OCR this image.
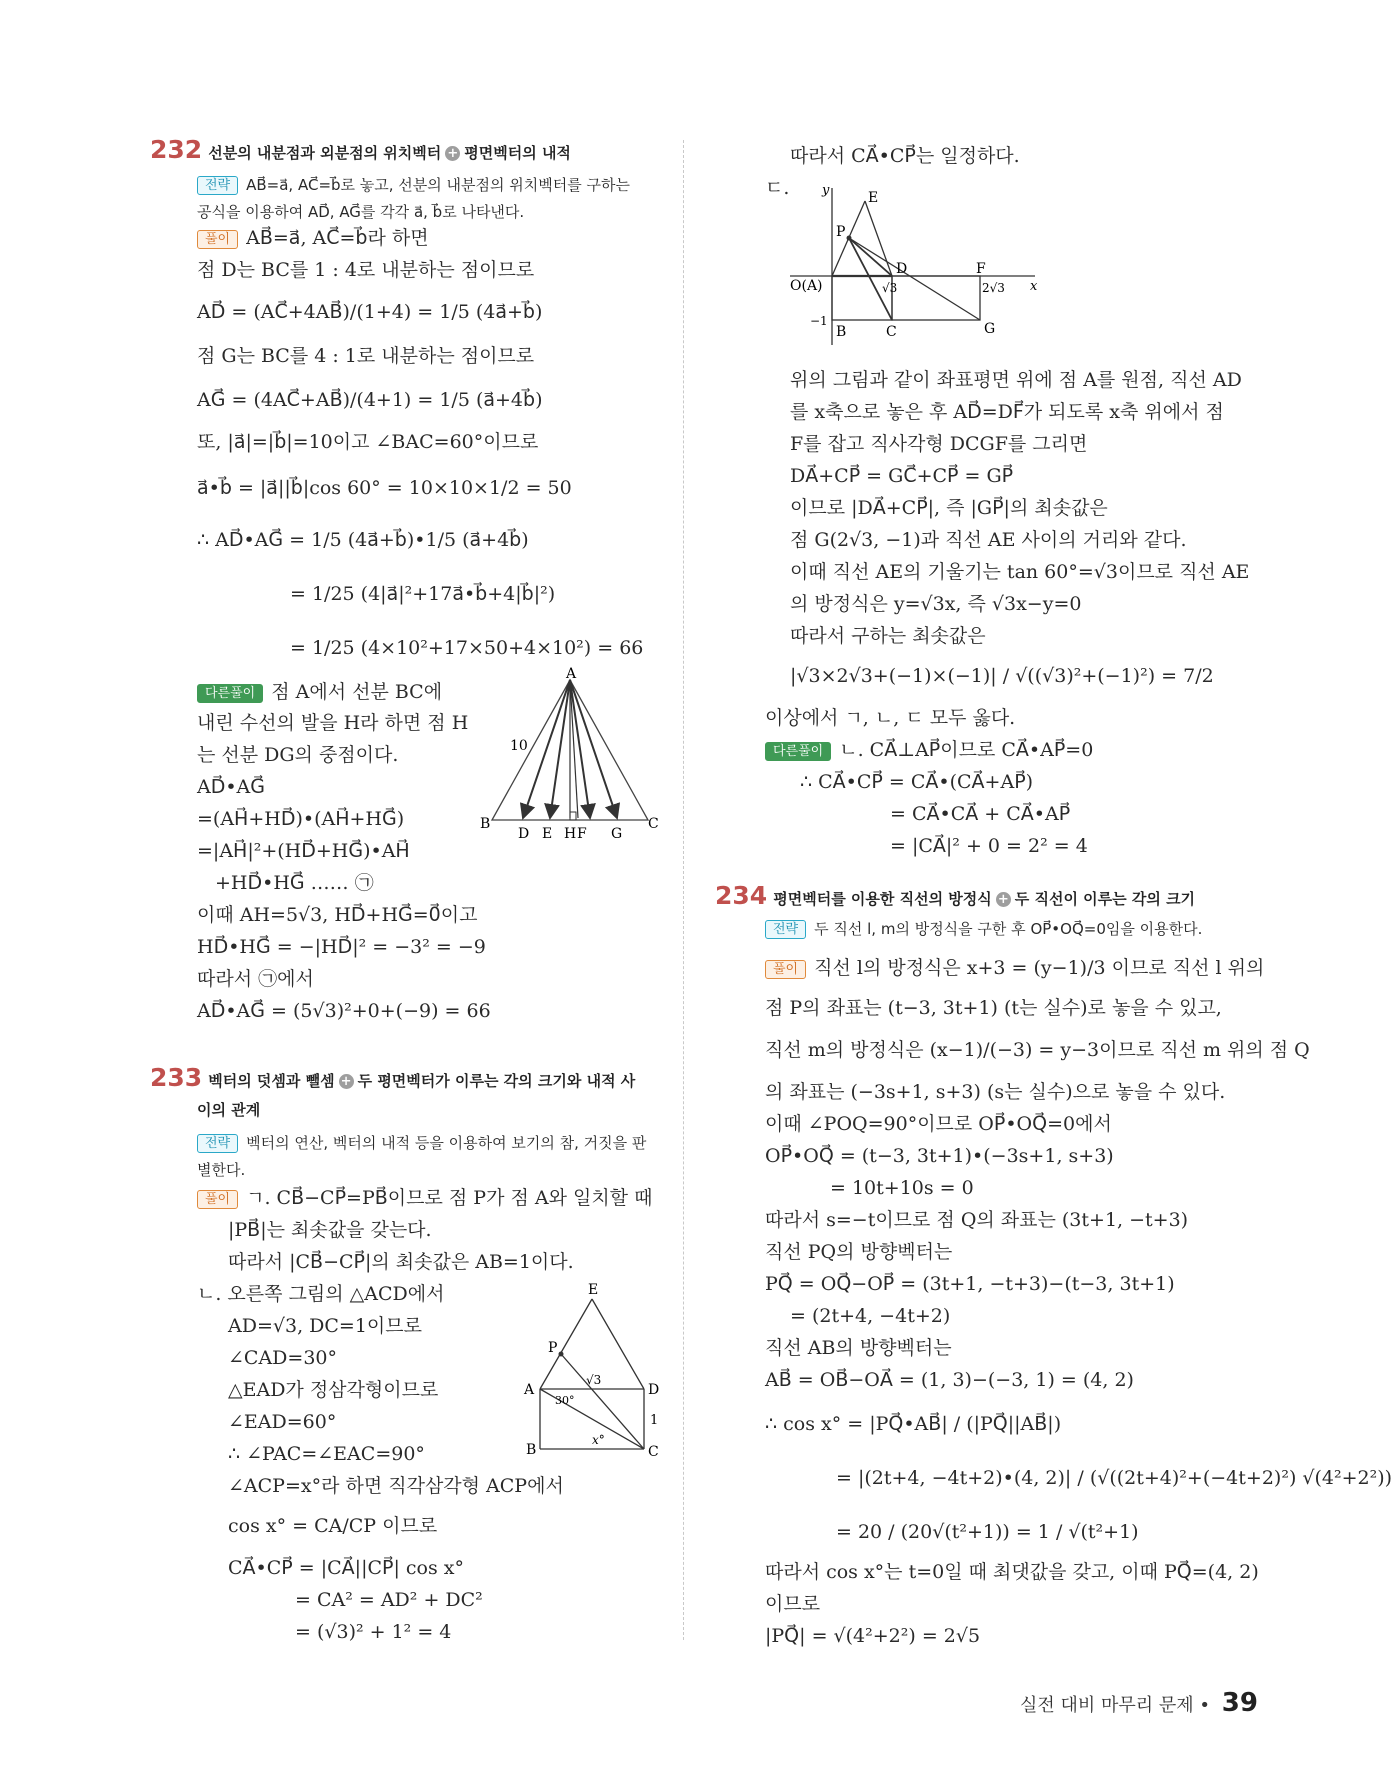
232 선분의 내분점과 외분점의 위치벡터 + 평면벡터의 내적
전략 AB⃗=a⃗, AC⃗=b⃗로 놓고, 선분의 내분점의 위치벡터를 구하는
공식을 이용하여 AD⃗, AG⃗를 각각 a⃗, b⃗로 나타낸다.
풀이 AB⃗=a⃗, AC⃗=b⃗라 하면
점 D는 BC를 1 : 4로 내분하는 점이므로
AD⃗ = (AC⃗+4AB⃗)/(1+4) = 1/5 (4a⃗+b⃗)
점 G는 BC를 4 : 1로 내분하는 점이므로
AG⃗ = (4AC⃗+AB⃗)/(4+1) = 1/5 (a⃗+4b⃗)
또, |a⃗|=|b⃗|=10이고 ∠BAC=60°이므로
a⃗•b⃗ = |a⃗||b⃗|cos 60° = 10×10×1/2 = 50
∴ AD⃗•AG⃗ = 1/5 (4a⃗+b⃗)•1/5 (a⃗+4b⃗)
= 1/25 (4|a⃗|²+17a⃗•b⃗+4|b⃗|²)
= 1/25 (4×10²+17×50+4×10²) = 66
다른풀이 점 A에서 선분 BC에
내린 수선의 발을 H라 하면 점 H
는 선분 DG의 중점이다.
AD⃗•AG⃗
=(AH⃗+HD⃗)•(AH⃗+HG⃗)
=|AH⃗|²+(HD⃗+HG⃗)•AH⃗
+HD⃗•HG⃗ …… ㉠
이때 AH=5√3, HD⃗+HG⃗=0⃗이고
HD⃗•HG⃗ = −|HD⃗|² = −3² = −9
따라서 ㉠에서
AD⃗•AG⃗ = (5√3)²+0+(−9) = 66
A
B	C
D E H F G
10
233 벡터의 덧셈과 뺄셈 + 두 평면벡터가 이루는 각의 크기와 내적 사
이의 관계
전략 벡터의 연산, 벡터의 내적 등을 이용하여 보기의 참, 거짓을 판
별한다.
풀이 ㄱ. CB⃗−CP⃗=PB⃗이므로 점 P가 점 A와 일치할 때
|PB⃗|는 최솟값을 갖는다.
따라서 |CB⃗−CP⃗|의 최솟값은 AB=1이다.
ㄴ. 오른쪽 그림의 △ACD에서
AD=√3, DC=1이므로
∠CAD=30°
△EAD가 정삼각형이므로
∠EAD=60°
∴ ∠PAC=∠EAC=90°
∠ACP=x°라 하면 직각삼각형 ACP에서
cos x° = CA/CP 이므로
CA⃗•CP⃗ = |CA⃗||CP⃗| cos x°
= CA² = AD² + DC²
= (√3)² + 1² = 4
E
P
A	D
B	C
√3
30°
1
x°
따라서 CA⃗•CP⃗는 일정하다.
ㄷ.	y
x
E
P
O(A)
D	F
√3	2√3
−1
B	C	G
위의 그림과 같이 좌표평면 위에 점 A를 원점, 직선 AD
를 x축으로 놓은 후 AD⃗=DF⃗가 되도록 x축 위에서 점
F를 잡고 직사각형 DCGF를 그리면
DA⃗+CP⃗ = GC⃗+CP⃗ = GP⃗
이므로 |DA⃗+CP⃗|, 즉 |GP⃗|의 최솟값은
점 G(2√3, −1)과 직선 AE 사이의 거리와 같다.
이때 직선 AE의 기울기는 tan 60°=√3이므로 직선 AE
의 방정식은 y=√3x, 즉 √3x−y=0
따라서 구하는 최솟값은
|√3×2√3+(−1)×(−1)| / √((√3)²+(−1)²) = 7/2
이상에서 ㄱ, ㄴ, ㄷ 모두 옳다.
다른풀이 ㄴ. CA⃗⊥AP⃗이므로 CA⃗•AP⃗=0
∴ CA⃗•CP⃗ = CA⃗•(CA⃗+AP⃗)
= CA⃗•CA⃗ + CA⃗•AP⃗
= |CA⃗|² + 0 = 2² = 4
234 평면벡터를 이용한 직선의 방정식 + 두 직선이 이루는 각의 크기
전략 두 직선 l, m의 방정식을 구한 후 OP⃗•OQ⃗=0임을 이용한다.
풀이 직선 l의 방정식은 x+3 = (y−1)/3 이므로 직선 l 위의
점 P의 좌표는 (t−3, 3t+1) (t는 실수)로 놓을 수 있고,
직선 m의 방정식은 (x−1)/(−3) = y−3이므로 직선 m 위의 점 Q
의 좌표는 (−3s+1, s+3) (s는 실수)으로 놓을 수 있다.
이때 ∠POQ=90°이므로 OP⃗•OQ⃗=0에서
OP⃗•OQ⃗ = (t−3, 3t+1)•(−3s+1, s+3)
= 10t+10s = 0
따라서 s=−t이므로 점 Q의 좌표는 (3t+1, −t+3)
직선 PQ의 방향벡터는
PQ⃗ = OQ⃗−OP⃗ = (3t+1, −t+3)−(t−3, 3t+1)
= (2t+4, −4t+2)
직선 AB의 방향벡터는
AB⃗ = OB⃗−OA⃗ = (1, 3)−(−3, 1) = (4, 2)
∴ cos x° = |PQ⃗•AB⃗| / (|PQ⃗||AB⃗|)
= |(2t+4, −4t+2)•(4, 2)| / (√((2t+4)²+(−4t+2)²) √(4²+2²))
= 20 / (20√(t²+1)) = 1 / √(t²+1)
따라서 cos x°는 t=0일 때 최댓값을 갖고, 이때 PQ⃗=(4, 2)
이므로
|PQ⃗| = √(4²+2²) = 2√5
실전 대비 마무리 문제 • 39
